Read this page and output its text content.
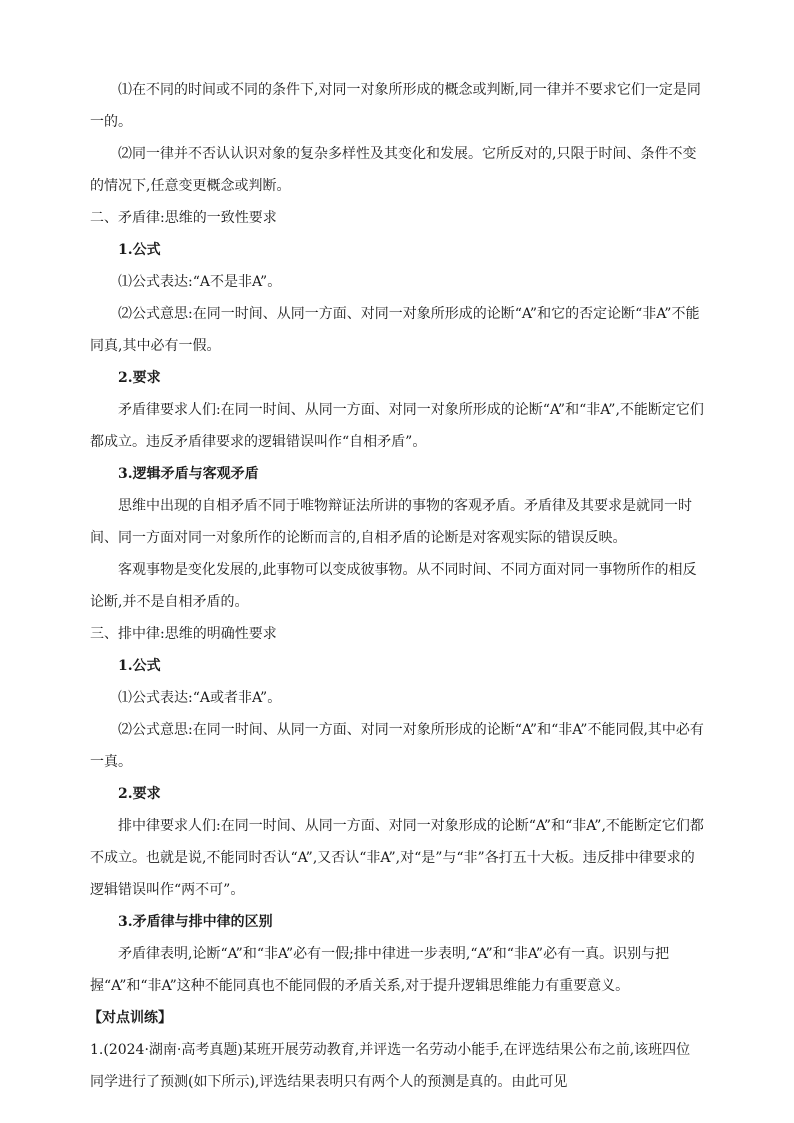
⑴在不同的时间或不同的条件下,对同一对象所形成的概念或判断,同一律并不要求它们一定是同一的。

⑵同一律并不否认认识对象的复杂多样性及其变化和发展。它所反对的,只限于时间、条件不变的情况下,任意变更概念或判断。

二、矛盾律:思维的一致性要求

1.公式

⑴公式表达:“A不是非A”。

⑵公式意思:在同一时间、从同一方面、对同一对象所形成的论断“A”和它的否定论断“非A”不能同真,其中必有一假。

2.要求

矛盾律要求人们:在同一时间、从同一方面、对同一对象所形成的论断“A”和“非A”,不能断定它们都成立。违反矛盾律要求的逻辑错误叫作“自相矛盾”。

3.逻辑矛盾与客观矛盾

思维中出现的自相矛盾不同于唯物辩证法所讲的事物的客观矛盾。矛盾律及其要求是就同一时间、同一方面对同一对象所作的论断而言的,自相矛盾的论断是对客观实际的错误反映。

客观事物是变化发展的,此事物可以变成彼事物。从不同时间、不同方面对同一事物所作的相反论断,并不是自相矛盾的。

三、排中律:思维的明确性要求

1.公式

⑴公式表达:“A或者非A”。

⑵公式意思:在同一时间、从同一方面、对同一对象所形成的论断“A”和“非A”不能同假,其中必有一真。

2.要求

排中律要求人们:在同一时间、从同一方面、对同一对象形成的论断“A”和“非A”,不能断定它们都不成立。也就是说,不能同时否认“A”,又否认“非A”,对“是”与“非”各打五十大板。违反排中律要求的逻辑错误叫作“两不可”。

3.矛盾律与排中律的区别

矛盾律表明,论断“A”和“非A”必有一假;排中律进一步表明,“A”和“非A”必有一真。识别与把握“A”和“非A”这种不能同真也不能同假的矛盾关系,对于提升逻辑思维能力有重要意义。

【对点训练】

1.(2024·湖南·高考真题)某班开展劳动教育,并评选一名劳动小能手,在评选结果公布之前,该班四位同学进行了预测(如下所示),评选结果表明只有两个人的预测是真的。由此可见
